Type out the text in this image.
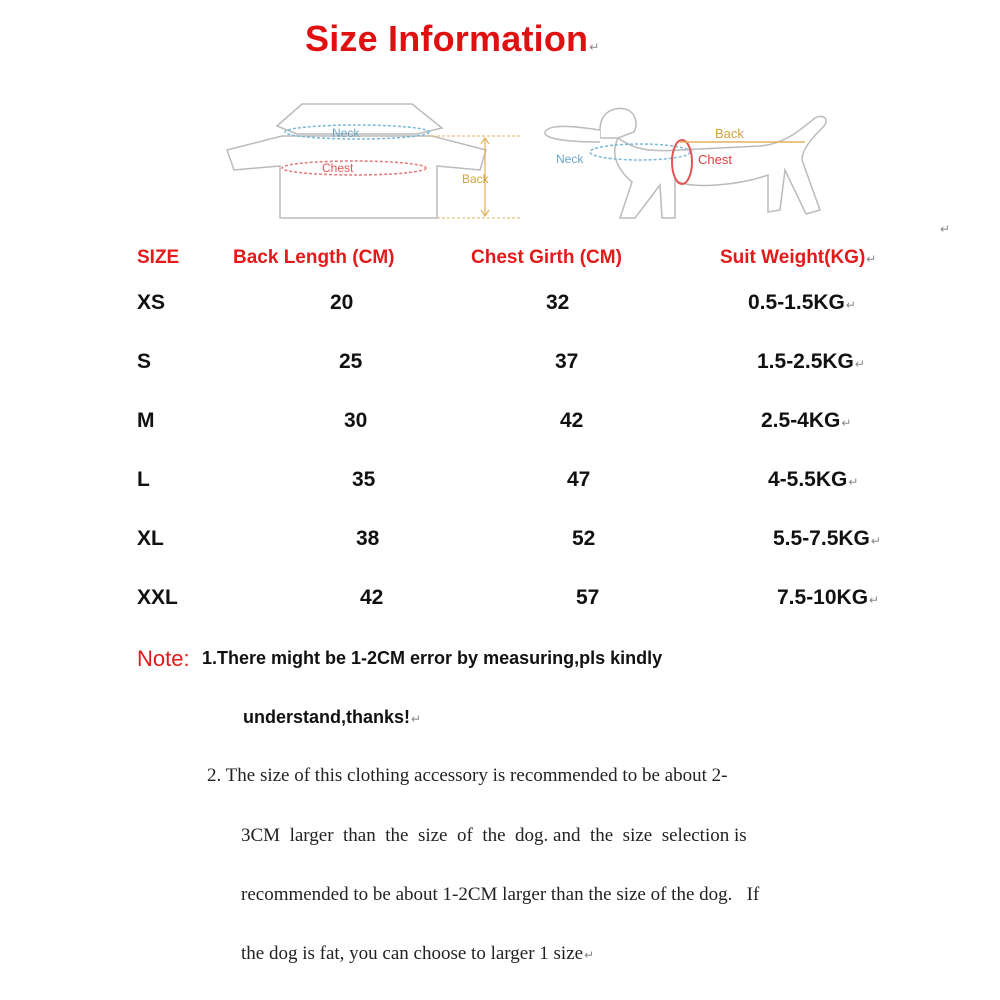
Size Information↵
Neck
Chest
Back
Neck	Chest
Back
↵
SIZE	Back Length (CM)	Chest Girth (CM)	Suit Weight(KG)↵
XS	20	32	0.5-1.5KG↵
S	25	37	1.5-2.5KG↵
M	30	42	2.5-4KG↵
L	35	47	4-5.5KG↵
XL	38	52	5.5-7.5KG↵
XXL	42	57	7.5-10KG↵
Note: 1.There might be 1-2CM error by measuring,pls kindly
understand,thanks!↵
2. The size of this clothing accessory is recommended to be about 2-
3CM  larger  than  the  size  of  the  dog. and  the  size  selection is
recommended to be about 1-2CM larger than the size of the dog.   If
the dog is fat, you can choose to larger 1 size↵
